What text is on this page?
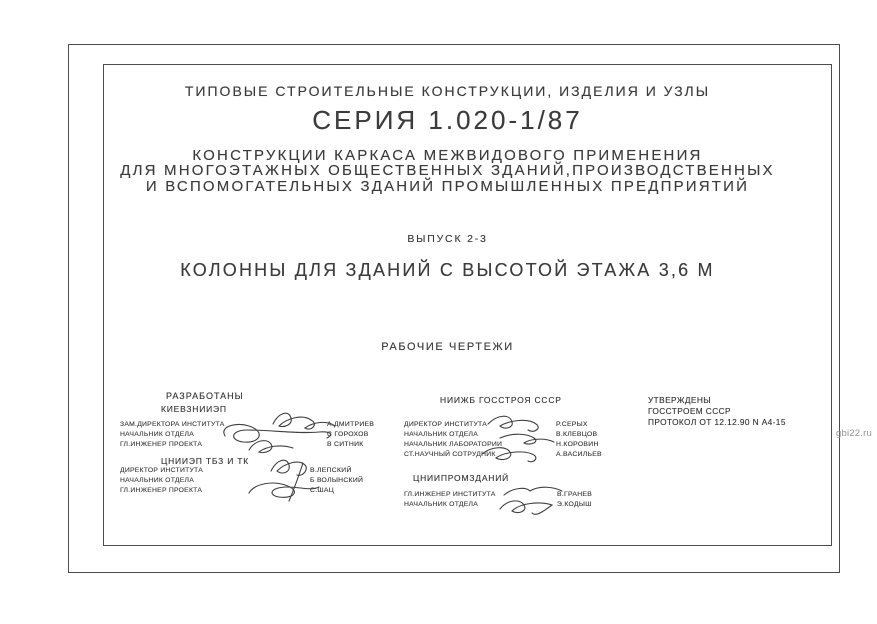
ТИПОВЫЕ СТРОИТЕЛЬНЫЕ КОНСТРУКЦИИ, ИЗДЕЛИЯ И УЗЛЫ
СЕРИЯ 1.020-1/87
КОНСТРУКЦИИ КАРКАСА МЕЖВИДОВОГО ПРИМЕНЕНИЯ
ДЛЯ МНОГОЭТАЖНЫХ ОБЩЕСТВЕННЫХ ЗДАНИЙ,ПРОИЗВОДСТВЕННЫХ
И ВСПОМОГАТЕЛЬНЫХ ЗДАНИЙ ПРОМЫШЛЕННЫХ ПРЕДПРИЯТИЙ
ВЫПУСК 2-3
КОЛОННЫ ДЛЯ ЗДАНИЙ С ВЫСОТОЙ ЭТАЖА 3,6 М
РАБОЧИЕ ЧЕРТЕЖИ
РАЗРАБОТАНЫ
КИЕВЗНИИЭП
ЗАМ.ДИРЕКТОРА ИНСТИТУТА
НАЧАЛЬНИК ОТДЕЛА
ГЛ.ИНЖЕНЕР ПРОЕКТА
А.ДМИТРИЕВ
С ГОРОХОВ
В СИТНИК
ЦНИИЭП ТБЗ И ТК
ДИРЕКТОР ИНСТИТУТА
НАЧАЛЬНИК ОТДЕЛА
ГЛ.ИНЖЕНЕР ПРОЕКТА
В.ЛЕПСКИЙ
Б ВОЛЫНСКИЙ
С.ШАЦ
НИИЖБ ГОССТРОЯ СССР
ДИРЕКТОР ИНСТИТУТА
НАЧАЛЬНИК ОТДЕЛА
НАЧАЛЬНИК ЛАБОРАТОРИИ
СТ.НАУЧНЫЙ СОТРУДНИК
Р.СЕРЫХ
В.КЛЕВЦОВ
Н.КОРОВИН
А.ВАСИЛЬЕВ
ЦНИИПРОМЗДАНИЙ
ГЛ.ИНЖЕНЕР ИНСТИТУТА
НАЧАЛЬНИК ОТДЕЛА
В.ГРАНЕВ
Э.КОДЫШ
УТВЕРЖДЕНЫ
ГОССТРОЕМ СССР
ПРОТОКОЛ ОТ 12.12.90 N А4-15
gbi22.ru
